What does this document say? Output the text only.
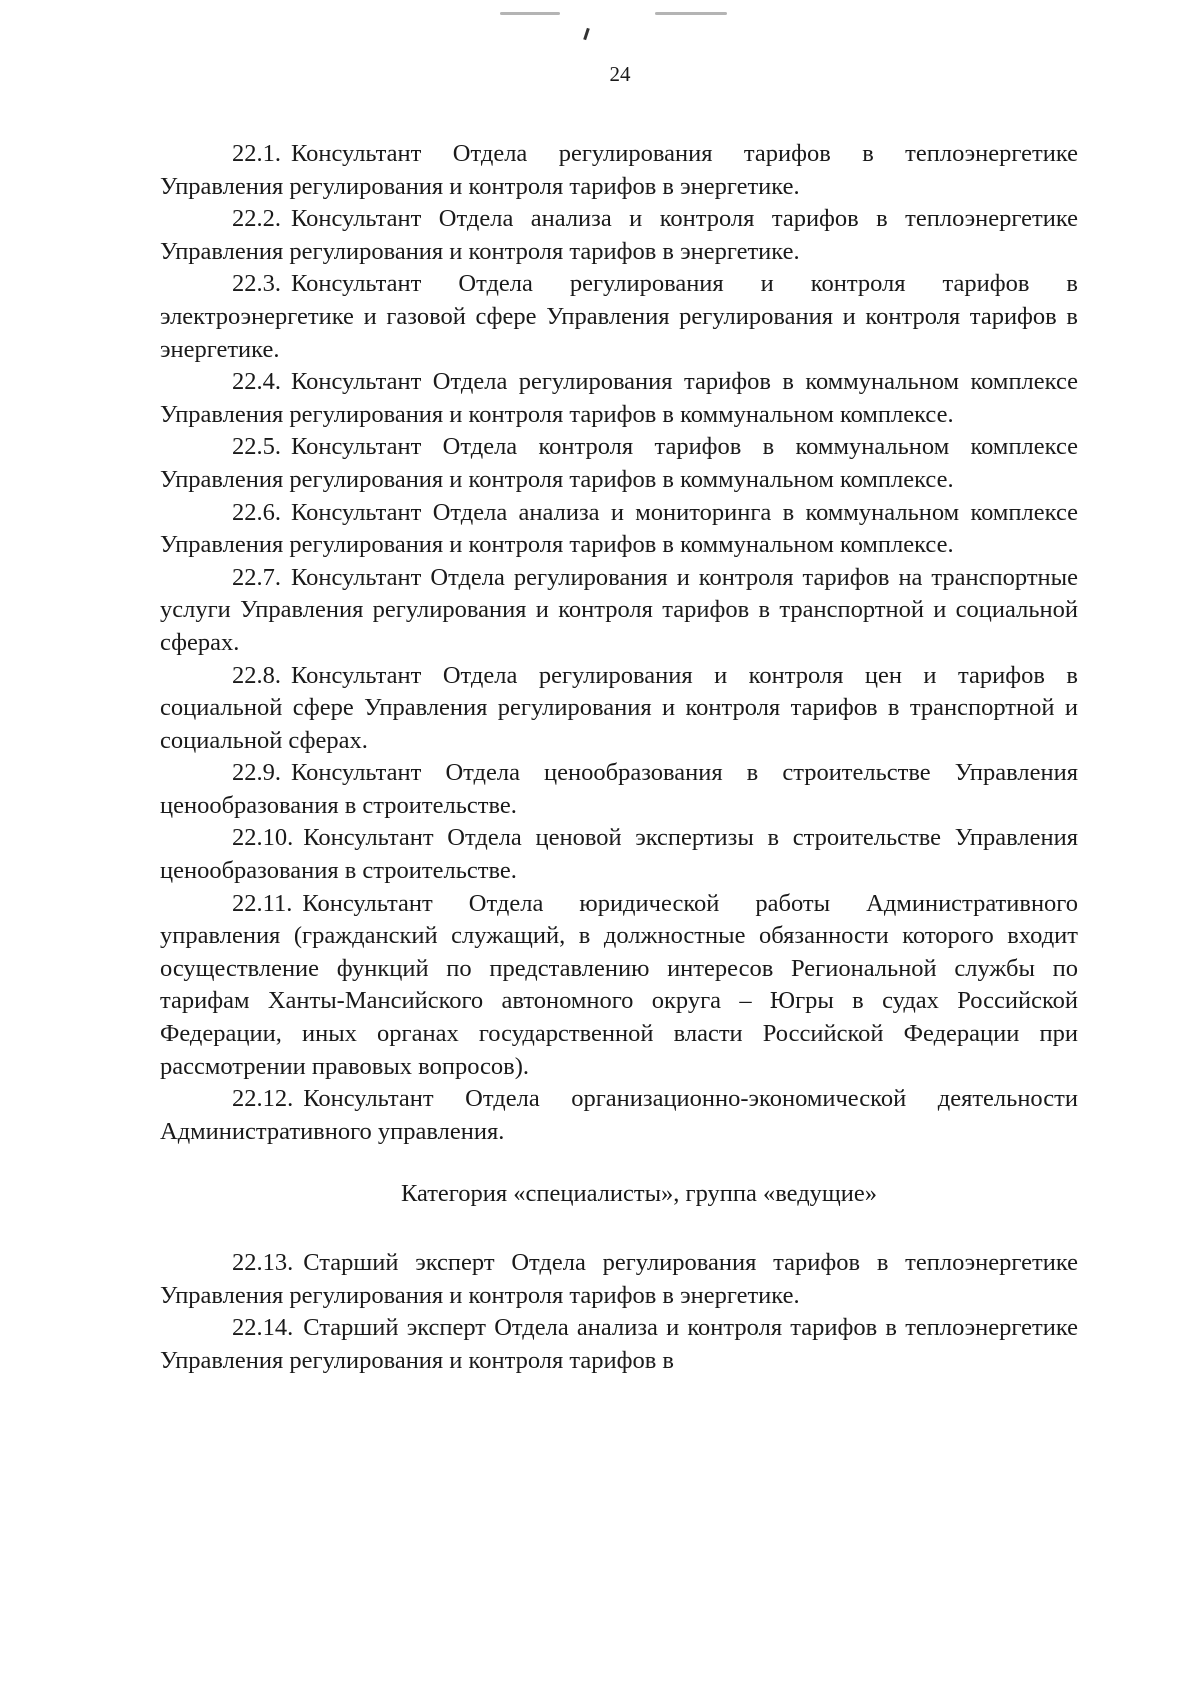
24

22.1. Консультант Отдела регулирования тарифов в теплоэнергетике Управления регулирования и контроля тарифов в энергетике.

22.2. Консультант Отдела анализа и контроля тарифов в теплоэнергетике Управления регулирования и контроля тарифов в энергетике.

22.3. Консультант Отдела регулирования и контроля тарифов в электроэнергетике и газовой сфере Управления регулирования и контроля тарифов в энергетике.

22.4. Консультант Отдела регулирования тарифов в коммунальном комплексе Управления регулирования и контроля тарифов в коммунальном комплексе.

22.5. Консультант Отдела контроля тарифов в коммунальном комплексе Управления регулирования и контроля тарифов в коммунальном комплексе.

22.6. Консультант Отдела анализа и мониторинга в коммунальном комплексе Управления регулирования и контроля тарифов в коммунальном комплексе.

22.7. Консультант Отдела регулирования и контроля тарифов на транспортные услуги Управления регулирования и контроля тарифов в транспортной и социальной сферах.

22.8. Консультант Отдела регулирования и контроля цен и тарифов в социальной сфере Управления регулирования и контроля тарифов в транспортной и социальной сферах.

22.9. Консультант Отдела ценообразования в строительстве Управления ценообразования в строительстве.

22.10. Консультант Отдела ценовой экспертизы в строительстве Управления ценообразования в строительстве.

22.11. Консультант Отдела юридической работы Административного управления (гражданский служащий, в должностные обязанности которого входит осуществление функций по представлению интересов Региональной службы по тарифам Ханты-Мансийского автономного округа – Югры в судах Российской Федерации, иных органах государственной власти Российской Федерации при рассмотрении правовых вопросов).

22.12. Консультант Отдела организационно-экономической деятельности Административного управления.

Категория «специалисты», группа «ведущие»

22.13. Старший эксперт Отдела регулирования тарифов в теплоэнергетике Управления регулирования и контроля тарифов в энергетике.

22.14. Старший эксперт Отдела анализа и контроля тарифов в теплоэнергетике Управления регулирования и контроля тарифов в
